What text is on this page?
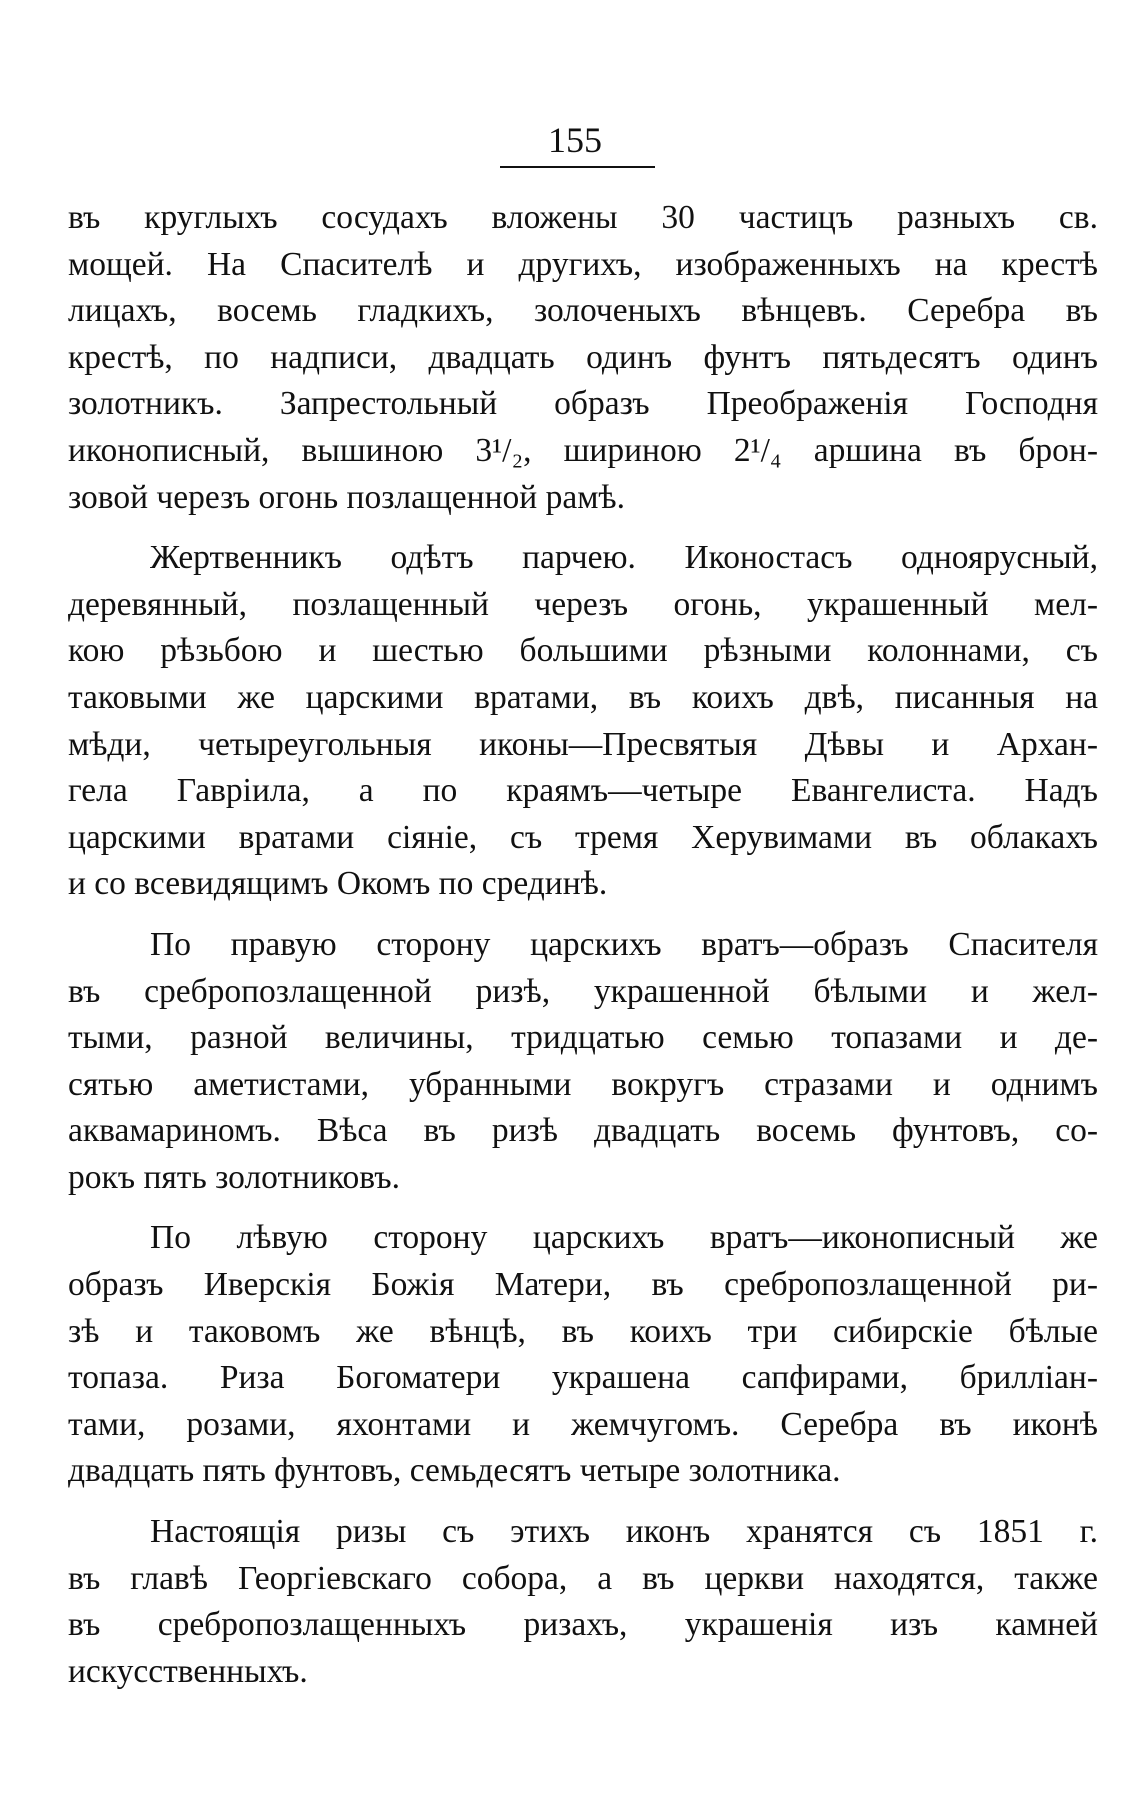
155

въ круглыхъ сосудахъ вложены 30 частицъ разныхъ св.
мощей. На Спасителѣ и другихъ, изображенныхъ на крестѣ
лицахъ, восемь гладкихъ, золоченыхъ вѣнцевъ. Серебра въ
крестѣ, по надписи, двадцать одинъ фунтъ пятьдесятъ одинъ
золотникъ. Запрестольный образъ Преображенія Господня
иконописный, вышиною 3¹/₂, шириною 2¹/₄ аршина въ брон-
зовой черезъ огонь позлащенной рамѣ.

Жертвенникъ одѣтъ парчею. Иконостасъ одноярусный,
деревянный, позлащенный черезъ огонь, украшенный мел-
кою рѣзьбою и шестью большими рѣзными колоннами, съ
таковыми же царскими вратами, въ коихъ двѣ, писанныя на
мѣди, четыреугольныя иконы—Пресвятыя Дѣвы и Архан-
гела Гавріила, а по краямъ—четыре Евангелиста. Надъ
царскими вратами сіяніе, съ тремя Херувимами въ облакахъ
и со всевидящимъ Окомъ по срединѣ.

По правую сторону царскихъ вратъ—образъ Спасителя
въ сребропозлащенной ризѣ, украшенной бѣлыми и жел-
тыми, разной величины, тридцатью семью топазами и де-
сятью аметистами, убранными вокругъ стразами и однимъ
аквамариномъ. Вѣса въ ризѣ двадцать восемь фунтовъ, со-
рокъ пять золотниковъ.

По лѣвую сторону царскихъ вратъ—иконописный же
образъ Иверскія Божія Матери, въ сребропозлащенной ри-
зѣ и таковомъ же вѣнцѣ, въ коихъ три сибирскіе бѣлые
топаза. Риза Богоматери украшена сапфирами, брилліан-
тами, розами, яхонтами и жемчугомъ. Серебра въ иконѣ
двадцать пять фунтовъ, семьдесятъ четыре золотника.

Настоящія ризы съ этихъ иконъ хранятся съ 1851 г.
въ главѣ Георгіевскаго собора, а въ церкви находятся, также
въ сребропозлащенныхъ ризахъ, украшенія изъ камней
искусственныхъ.
